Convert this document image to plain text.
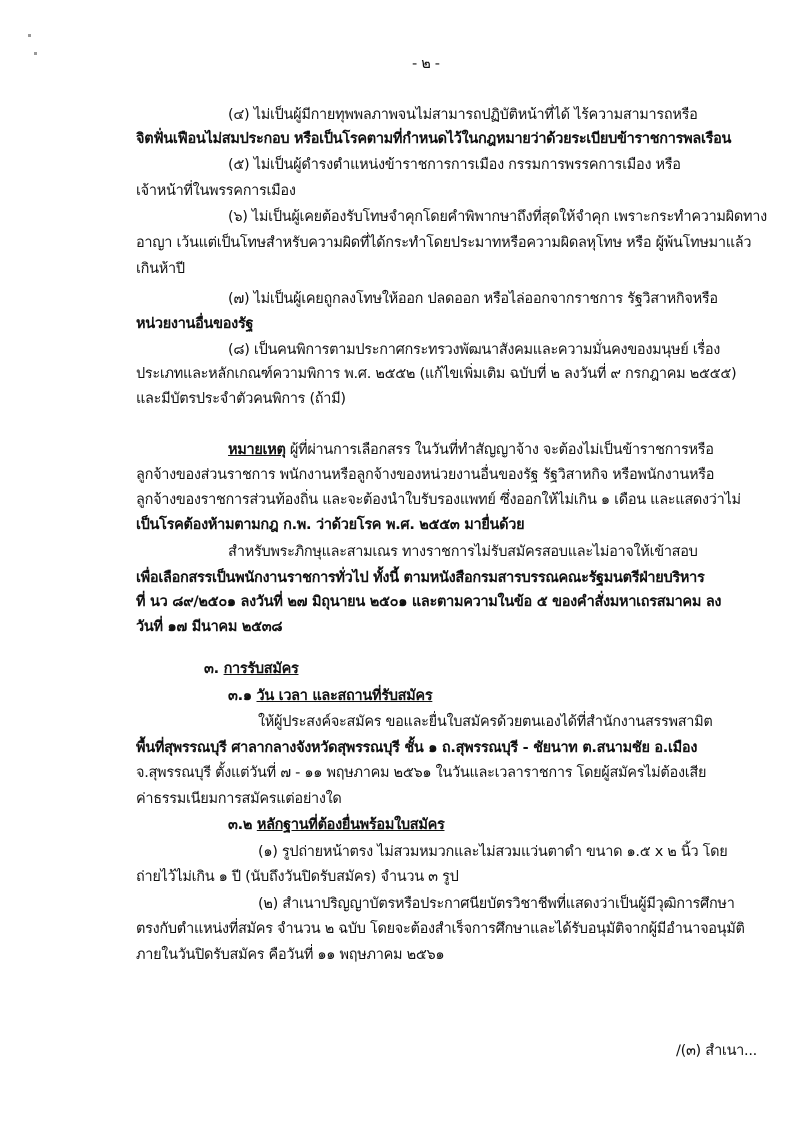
- ๒ -
(๔) ไม่เป็นผู้มีกายทุพพลภาพจนไม่สามารถปฏิบัติหน้าที่ได้ ไร้ความสามารถหรือ
จิตฟั่นเฟือนไม่สมประกอบ หรือเป็นโรคตามที่กำหนดไว้ในกฎหมายว่าด้วยระเบียบข้าราชการพลเรือน
(๕) ไม่เป็นผู้ดำรงตำแหน่งข้าราชการการเมือง กรรมการพรรคการเมือง หรือ
เจ้าหน้าที่ในพรรคการเมือง
(๖) ไม่เป็นผู้เคยต้องรับโทษจำคุกโดยคำพิพากษาถึงที่สุดให้จำคุก เพราะกระทำความผิดทาง
อาญา เว้นแต่เป็นโทษสำหรับความผิดที่ได้กระทำโดยประมาทหรือความผิดลหุโทษ หรือ ผู้พ้นโทษมาแล้ว
เกินห้าปี
(๗) ไม่เป็นผู้เคยถูกลงโทษให้ออก ปลดออก หรือไล่ออกจากราชการ รัฐวิสาหกิจหรือ
หน่วยงานอื่นของรัฐ
(๘) เป็นคนพิการตามประกาศกระทรวงพัฒนาสังคมและความมั่นคงของมนุษย์ เรื่อง
ประเภทและหลักเกณฑ์ความพิการ พ.ศ. ๒๕๕๒ (แก้ไขเพิ่มเติม ฉบับที่ ๒ ลงวันที่ ๙ กรกฎาคม ๒๕๕๕)
และมีบัตรประจำตัวคนพิการ (ถ้ามี)
หมายเหตุ ผู้ที่ผ่านการเลือกสรร ในวันที่ทำสัญญาจ้าง จะต้องไม่เป็นข้าราชการหรือ
ลูกจ้างของส่วนราชการ พนักงานหรือลูกจ้างของหน่วยงานอื่นของรัฐ รัฐวิสาหกิจ หรือพนักงานหรือ
ลูกจ้างของราชการส่วนท้องถิ่น และจะต้องนำใบรับรองแพทย์ ซึ่งออกให้ไม่เกิน ๑ เดือน และแสดงว่าไม่
เป็นโรคต้องห้ามตามกฎ ก.พ. ว่าด้วยโรค พ.ศ. ๒๕๕๓ มายื่นด้วย
สำหรับพระภิกษุและสามเณร ทางราชการไม่รับสมัครสอบและไม่อาจให้เข้าสอบ
เพื่อเลือกสรรเป็นพนักงานราชการทั่วไป ทั้งนี้ ตามหนังสือกรมสารบรรณคณะรัฐมนตรีฝ่ายบริหาร
ที่ นว ๘๙/๒๕๐๑ ลงวันที่ ๒๗ มิถุนายน ๒๕๐๑ และตามความในข้อ ๕ ของคำสั่งมหาเถรสมาคม ลง
วันที่ ๑๗ มีนาคม ๒๕๓๘
๓. การรับสมัคร
๓.๑ วัน เวลา และสถานที่รับสมัคร
ให้ผู้ประสงค์จะสมัคร ขอและยื่นใบสมัครด้วยตนเองได้ที่สำนักงานสรรพสามิต
พื้นที่สุพรรณบุรี ศาลากลางจังหวัดสุพรรณบุรี ชั้น ๑ ถ.สุพรรณบุรี - ชัยนาท ต.สนามชัย อ.เมือง
จ.สุพรรณบุรี ตั้งแต่วันที่ ๗ - ๑๑ พฤษภาคม ๒๕๖๑ ในวันและเวลาราชการ โดยผู้สมัครไม่ต้องเสีย
ค่าธรรมเนียมการสมัครแต่อย่างใด
๓.๒ หลักฐานที่ต้องยื่นพร้อมใบสมัคร
(๑) รูปถ่ายหน้าตรง ไม่สวมหมวกและไม่สวมแว่นตาดำ ขนาด ๑.๕ x ๒ นิ้ว โดย
ถ่ายไว้ไม่เกิน ๑ ปี (นับถึงวันปิดรับสมัคร) จำนวน ๓ รูป
(๒) สำเนาปริญญาบัตรหรือประกาศนียบัตรวิชาชีพที่แสดงว่าเป็นผู้มีวุฒิการศึกษา
ตรงกับตำแหน่งที่สมัคร จำนวน ๒ ฉบับ โดยจะต้องสำเร็จการศึกษาและได้รับอนุมัติจากผู้มีอำนาจอนุมัติ
ภายในวันปิดรับสมัคร คือวันที่ ๑๑ พฤษภาคม ๒๕๖๑
/(๓) สำเนา...
